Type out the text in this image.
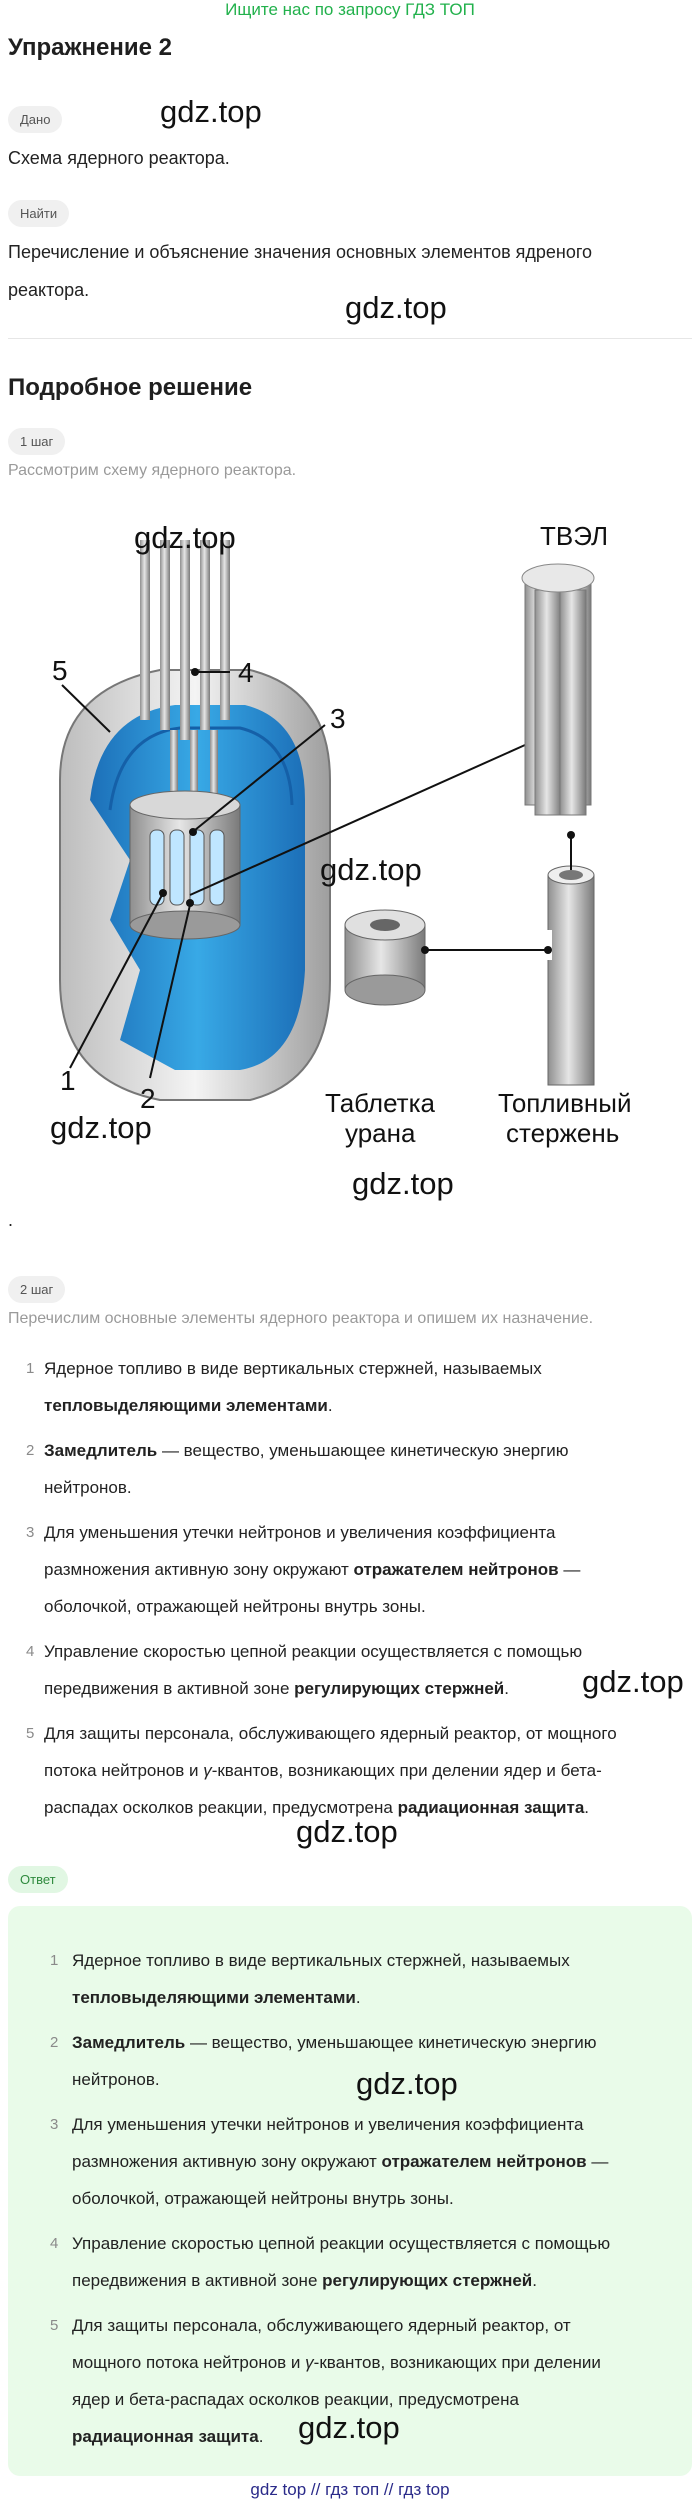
Ищите нас по запросу ГДЗ ТОП
Упражнение 2
Дано	gdz.top
Схема ядерного реактора.
Найти
Перечисление и объяснение значения основных элементов ядреного
реактора.	gdz.top
Подробное решение
1 шаг
Рассмотрим схему ядерного реактора.
ТВЭЛ
4
3
5
1
2	Таблетка
урана
Топливный
стержень
gdz.top
gdz.top
gdz.top
gdz.top
.
2 шаг
Перечислим основные элементы ядерного реактора и опишем их назначение.
1 Ядерное топливо в виде вертикальных стержней, называемых
тепловыделяющими элементами.
2 Замедлитель — вещество, уменьшающее кинетическую энергию
нейтронов.
3 Для уменьшения утечки нейтронов и увеличения коэффициента
размножения активную зону окружают отражателем нейтронов —
оболочкой, отражающей нейтроны внутрь зоны.
4 Управление скоростью цепной реакции осуществляется с помощью
передвижения в активной зоне регулирующих стержней.
5 Для защиты персонала, обслуживающего ядерный реактор, от мощного
потока нейтронов и γ-квантов, возникающих при делении ядер и бета-
распадах осколков реакции, предусмотрена радиационная защита.
gdz.top
gdz.top
Ответ
1 Ядерное топливо в виде вертикальных стержней, называемых
тепловыделяющими элементами.
2 Замедлитель — вещество, уменьшающее кинетическую энергию
нейтронов.
3 Для уменьшения утечки нейтронов и увеличения коэффициента
размножения активную зону окружают отражателем нейтронов —
оболочкой, отражающей нейтроны внутрь зоны.
4 Управление скоростью цепной реакции осуществляется с помощью
передвижения в активной зоне регулирующих стержней.
5 Для защиты персонала, обслуживающего ядерный реактор, от
мощного потока нейтронов и γ-квантов, возникающих при делении
ядер и бета-распадах осколков реакции, предусмотрена
радиационная защита.
gdz.top
gdz.top
gdz top // гдз топ // гдз top
